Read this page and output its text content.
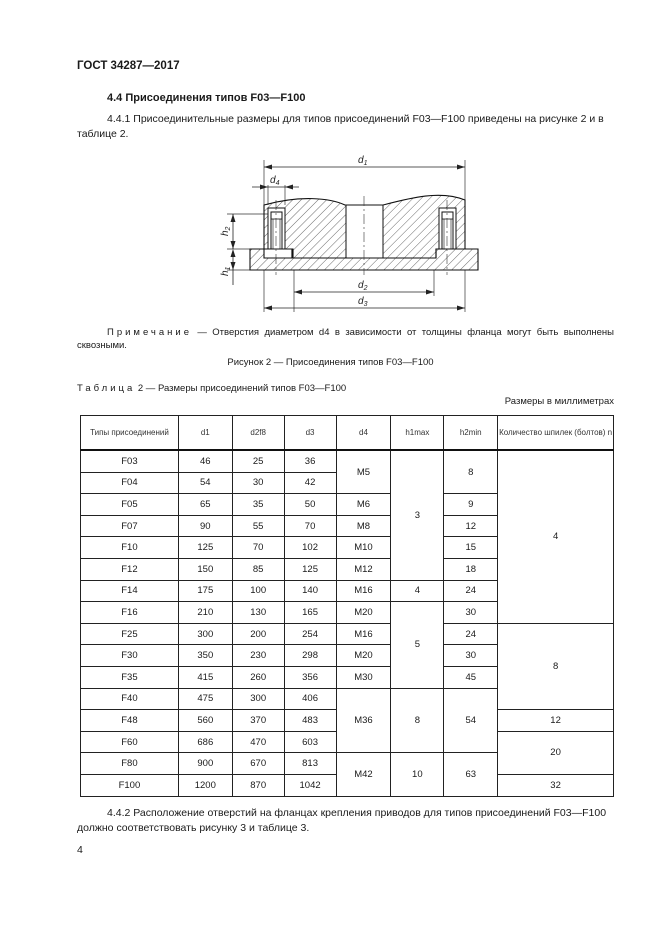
ГОСТ 34287—2017
4.4 Присоединения типов F03—F100
4.4.1 Присоединительные размеры для типов присоединений F03—F100 приведены на рисунке 2 и в таблице 2.
$d_1$
$d_4$
$d_2$
$d_3$
$h_2$
$h_1$
Примечание — Отверстия диаметром d4 в зависимости от толщины фланца могут быть выполнены сквозными.
Рисунок 2 — Присоединения типов F03—F100
Таблица 2 — Размеры присоединений типов F03—F100
Размеры в миллиметрах
Типы присоединений	d1	d2f8	d3	d4	h1max	h2min	Количество шпилек (болтов) n
F03	46	25	36	M5	3	8	4
F04	54	30	42				
F05	65	35	50	M6		9	
F07	90	55	70	M8		12	
F10	125	70	102	M10		15	
F12	150	85	125	M12		18	
F14	175	100	140	M16	4	24	
F16	210	130	165	M20	5	30	
F25	300	200	254	M16		24	8
F30	350	230	298	M20		30	
F35	415	260	356	M30		45	
F40	475	300	406	M36	8	54	
F48	560	370	483				12
F60	686	470	603				20
F80	900	670	813	M42	10	63	
F100	1200	870	1042				32
4.4.2 Расположение отверстий на фланцах крепления приводов для типов присоединений F03—F100 должно соответствовать рисунку 3 и таблице 3.
4
